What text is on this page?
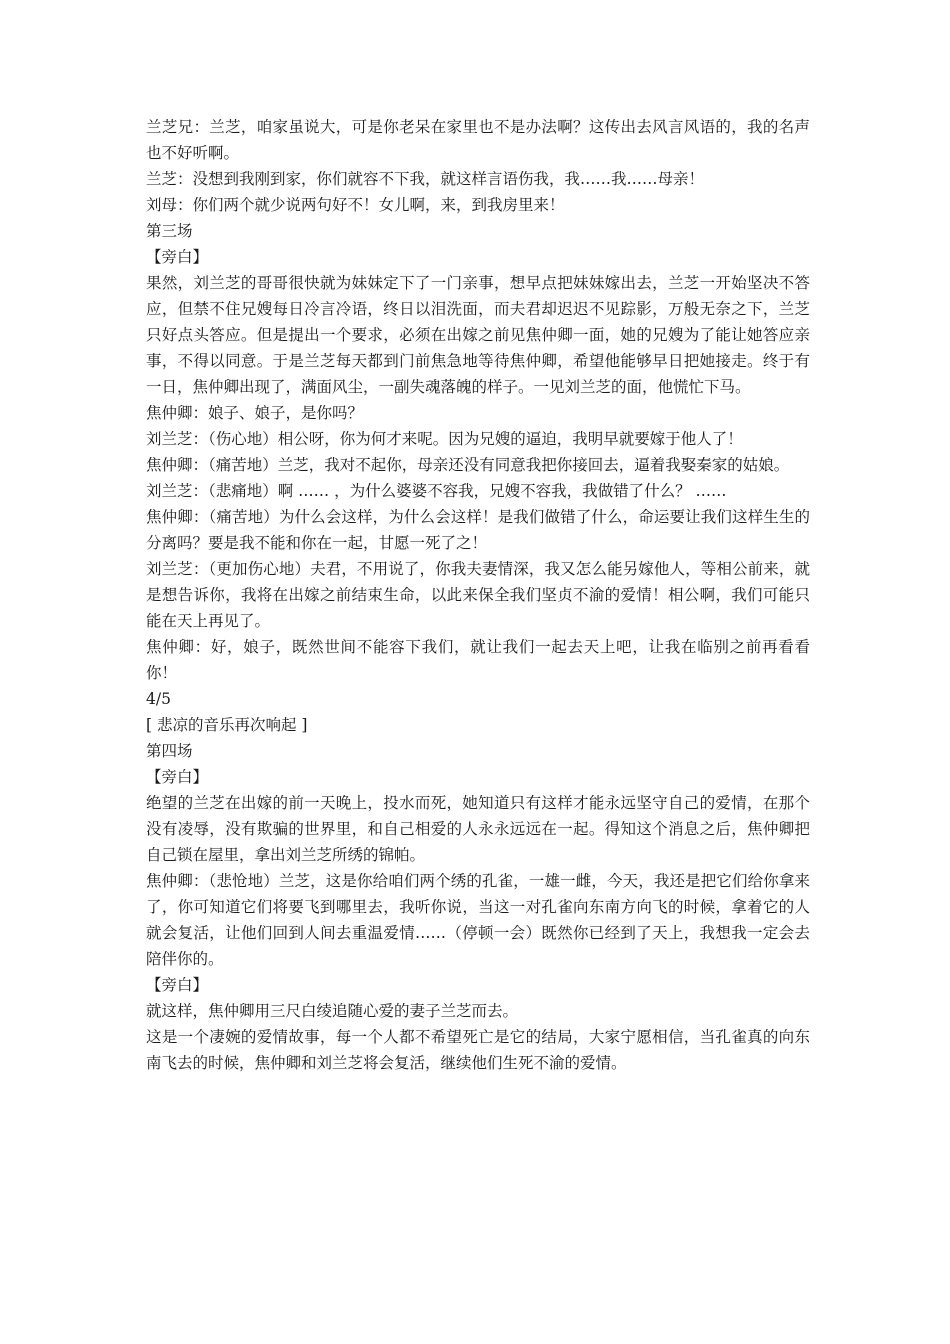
兰芝兄：兰芝，咱家虽说大，可是你老呆在家里也不是办法啊？这传出去风言风语的，我的名声也不好听啊。

兰芝：没想到我刚到家，你们就容不下我，就这样言语伤我，我……我……母亲！

刘母：你们两个就少说两句好不！女儿啊，来，到我房里来！

第三场

【旁白】

果然，刘兰芝的哥哥很快就为妹妹定下了一门亲事，想早点把妹妹嫁出去，兰芝一开始坚决不答应，但禁不住兄嫂每日冷言冷语，终日以泪洗面，而夫君却迟迟不见踪影，万般无奈之下，兰芝只好点头答应。但是提出一个要求，必须在出嫁之前见焦仲卿一面，她的兄嫂为了能让她答应亲事，不得以同意。于是兰芝每天都到门前焦急地等待焦仲卿，希望他能够早日把她接走。终于有一日，焦仲卿出现了，满面风尘，一副失魂落魄的样子。一见刘兰芝的面，他慌忙下马。

焦仲卿：娘子、娘子，是你吗？

刘兰芝：（伤心地）相公呀，你为何才来呢。因为兄嫂的逼迫，我明早就要嫁于他人了！

焦仲卿：（痛苦地）兰芝，我对不起你，母亲还没有同意我把你接回去，逼着我娶秦家的姑娘。

刘兰芝：（悲痛地）啊 …… ，为什么婆婆不容我，兄嫂不容我，我做错了什么？ ……

焦仲卿：（痛苦地）为什么会这样，为什么会这样！是我们做错了什么，命运要让我们这样生生的分离吗？要是我不能和你在一起，甘愿一死了之！

刘兰芝：（更加伤心地）夫君，不用说了，你我夫妻情深，我又怎么能另嫁他人，等相公前来，就是想告诉你，我将在出嫁之前结束生命，以此来保全我们坚贞不渝的爱情！相公啊，我们可能只能在天上再见了。

焦仲卿：好，娘子，既然世间不能容下我们，就让我们一起去天上吧，让我在临别之前再看看你！

4/5

[ 悲凉的音乐再次响起 ]

第四场

【旁白】

绝望的兰芝在出嫁的前一天晚上，投水而死，她知道只有这样才能永远坚守自己的爱情，在那个没有凌辱，没有欺骗的世界里，和自己相爱的人永永远远在一起。得知这个消息之后，焦仲卿把自己锁在屋里，拿出刘兰芝所绣的锦帕。

焦仲卿：（悲怆地）兰芝，这是你给咱们两个绣的孔雀，一雄一雌，今天，我还是把它们给你拿来了，你可知道它们将要飞到哪里去，我听你说，当这一对孔雀向东南方向飞的时候，拿着它的人就会复活，让他们回到人间去重温爱情……（停顿一会）既然你已经到了天上，我想我一定会去陪伴你的。

【旁白】

就这样，焦仲卿用三尺白绫追随心爱的妻子兰芝而去。

这是一个凄婉的爱情故事，每一个人都不希望死亡是它的结局，大家宁愿相信，当孔雀真的向东南飞去的时候，焦仲卿和刘兰芝将会复活，继续他们生死不渝的爱情。
